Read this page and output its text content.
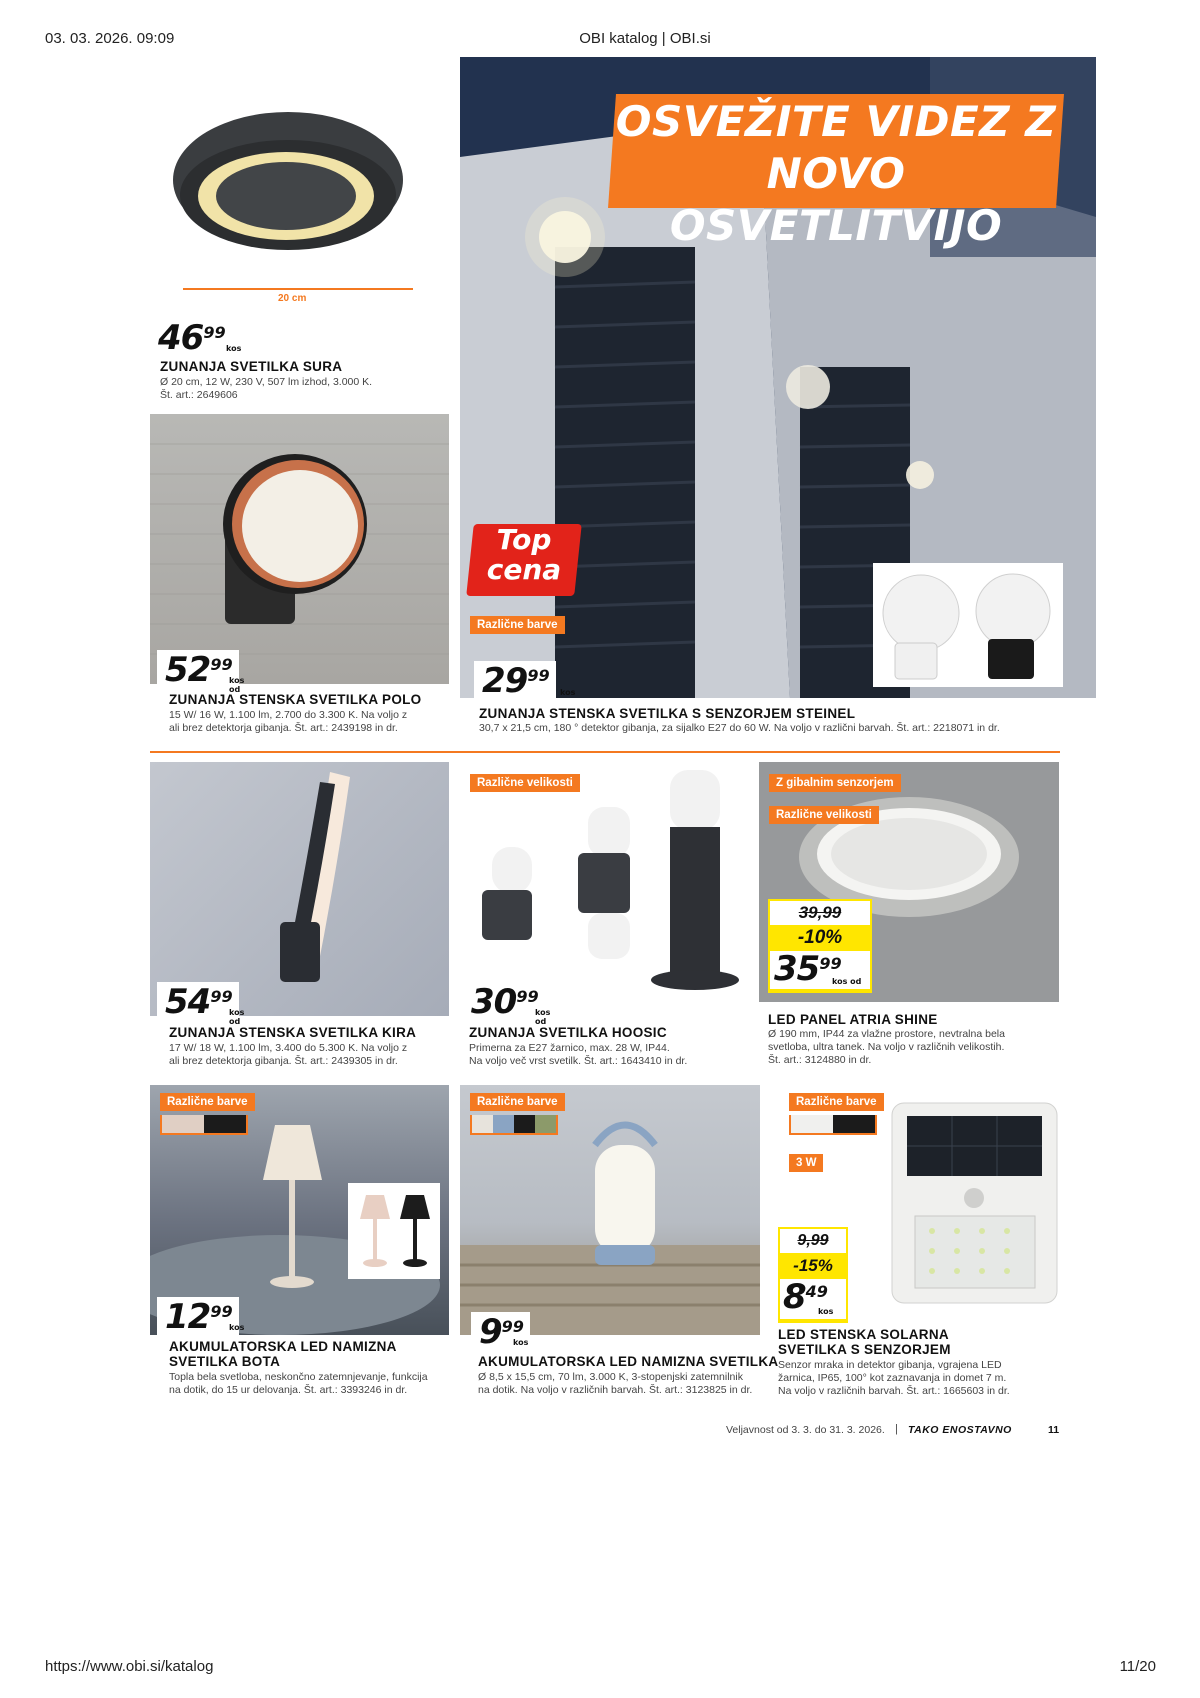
03. 03. 2026. 09:09	OBI katalog | OBI.si
https://www.obi.si/katalog	11/20
20 cm
46 99
kos
ZUNANJA SVETILKA SURA
Ø 20 cm, 12 W, 230 V, 507 lm izhod, 3.000 K.
Št. art.: 2649606
52 99
kos od
ZUNANJA STENSKA SVETILKA POLO
15 W/ 16 W, 1.100 lm, 2.700 do 3.300 K. Na voljo z
ali brez detektorja gibanja. Št. art.: 2439198 in dr.
OSVEŽITE VIDEZ Z
NOVO OSVETLITVIJO
Top
cena
Različne barve
29 99
kos
ZUNANJA STENSKA SVETILKA S SENZORJEM STEINEL
30,7 x 21,5 cm, 180 ° detektor gibanja, za sijalko E27 do 60 W. Na voljo v različni barvah. Št. art.: 2218071 in dr.
54 99
kos od
ZUNANJA STENSKA SVETILKA KIRA
17 W/ 18 W, 1.100 lm, 3.400 do 5.300 K. Na voljo z
ali brez detektorja gibanja. Št. art.: 2439305 in dr.
Različne velikosti
30 99
kos od
ZUNANJA SVETILKA HOOSIC
Primerna za E27 žarnico, max. 28 W, IP44.
Na voljo več vrst svetilk. Št. art.: 1643410 in dr.
Z gibalnim senzorjem
Različne velikosti
39,99
-10%
35 99
kos od
LED PANEL ATRIA SHINE
Ø 190 mm, IP44 za vlažne prostore, nevtralna bela
svetloba, ultra tanek. Na voljo v različnih velikostih.
Št. art.: 3124880 in dr.
Različne barve
12 99
kos
AKUMULATORSKA LED NAMIZNA
SVETILKA BOTA
Topla bela svetloba, neskončno zatemnjevanje, funkcija
na dotik, do 15 ur delovanja. Št. art.: 3393246 in dr.
Različne barve
9 99
kos
AKUMULATORSKA LED NAMIZNA SVETILKA
Ø 8,5 x 15,5 cm, 70 lm, 3.000 K, 3-stopenjski zatemnilnik
na dotik. Na voljo v različnih barvah. Št. art.: 3123825 in dr.
Različne barve
3 W
9,99
-15%
8 49
kos
LED STENSKA SOLARNA
SVETILKA S SENZORJEM
Senzor mraka in detektor gibanja, vgrajena LED
žarnica, IP65, 100° kot zaznavanja in domet 7 m.
Na voljo v različnih barvah. Št. art.: 1665603 in dr.
Veljavnost od 3. 3. do 31. 3. 2026. | TAKO ENOSTAVNO	11
